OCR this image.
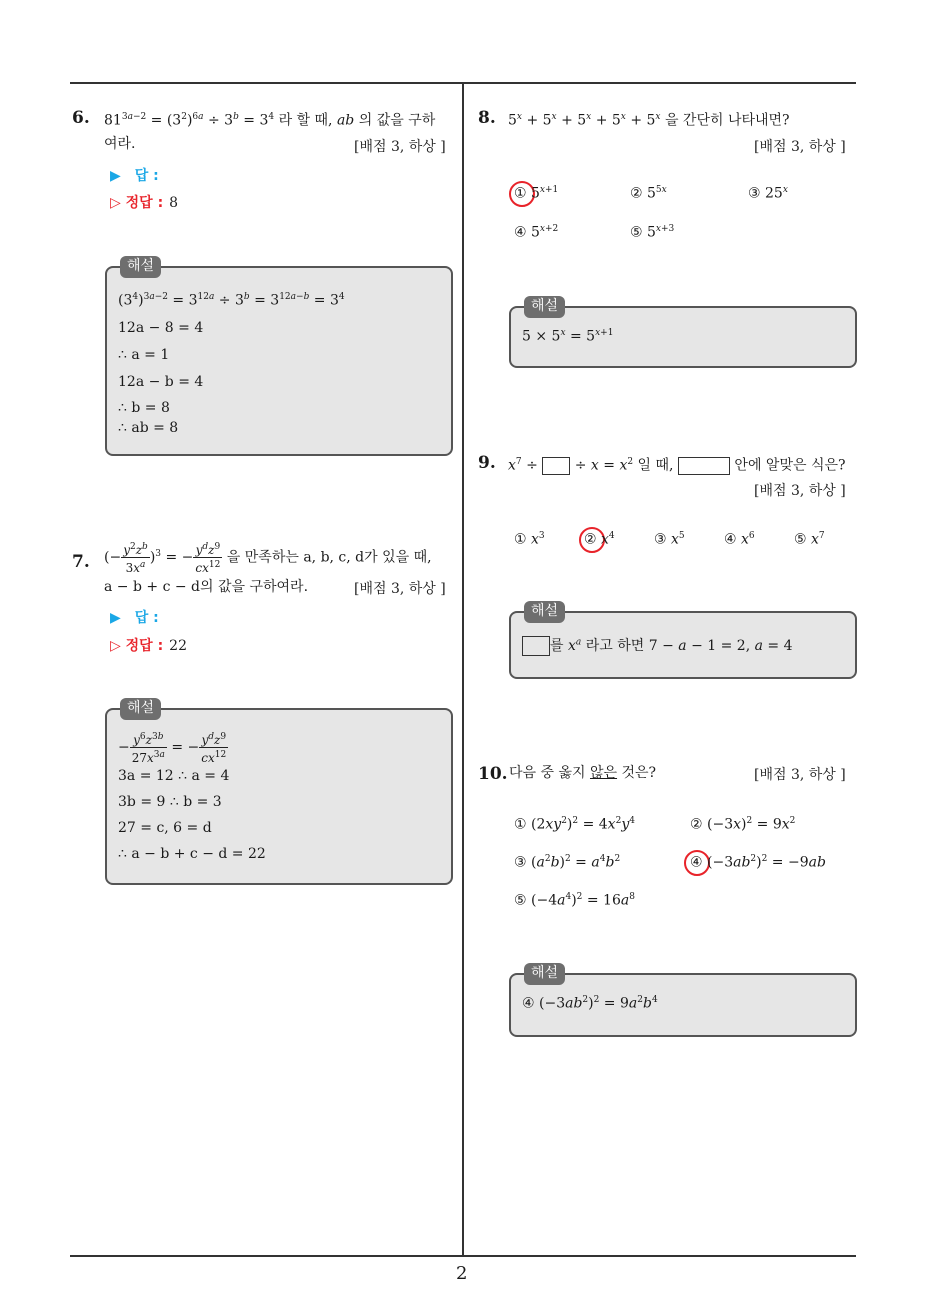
6. $81^{3a-2} = (3^2)^{6a} \div 3^b = 3^4$ 라 할 때, ab 의 값을 구하
여라.	[배점 3, 하상 ]
▶　답 :
▷ 정답 : 8
해설
$(3^4)^{3a-2} = 3^{12a} \div 3^b = 3^{12a-b} = 3^4$
12a − 8 = 4
∴ a = 1
12a − b = 4
∴ b = 8
∴ ab = 8
7. (− $\frac{y^2z^b}{3x^a} )^3$ = − $\frac{y^dz^9}{cx^{12}}$ 을 만족하는 a, b, c, d가 있을 때,
a − b + c − d의 값을 구하여라.	[배점 3, 하상 ]
▶　답 :
▷ 정답 : 22
해설
− $\frac{y^6z^{3b}}{27x^{3a}}$ = − $\frac{y^dz^9}{cx^{12}}$
3a = 12 ∴ a = 4
3b = 9 ∴ b = 3
27 = c, 6 = d
∴ a − b + c − d = 22
8. $5^x + 5^x + 5^x + 5^x + 5^x$ 을 간단히 나타내면?
[배점 3, 하상 ]
① $5^{x+1}$	② $5^{5x}$	③ 25$^x$
④ $5^{x+2}$	⑤ $5^{x+3}$
해설
$5 \times 5^x = 5^{x+1}$
9. $x^7$ ÷  ÷ $x = x^2$ 일 때,	안에 알맞은 식은?
[배점 3, 하상 ]
① $x^3$	② $x^4$	③ $x^5$	④ $x^6$	⑤ $x^7$
해설
를 $x^a$ 라고 하면 7 − a − 1 = 2, a = 4
10. 다음 중 옳지 않은 것은?	[배점 3, 하상 ]
① $(2xy^2)^2 = 4x^2y^4$	② $(-3x)^2 = 9x^2$
③ $(a^2b)^2 = a^4b^2$	④ $(-3ab^2)^2 = -9ab$
⑤ $(-4a^4)^2 = 16a^8$
해설
④ $(-3ab^2)^2 = 9a^2b^4$
2
